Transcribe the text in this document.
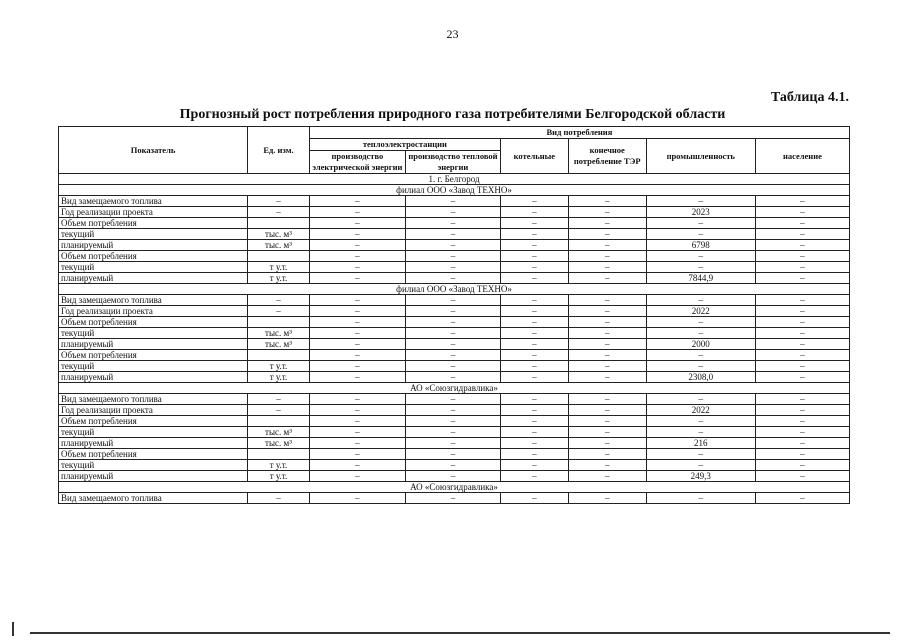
23
Таблица 4.1.
Прогнозный рост потребления природного газа потребителями Белгородской области
Показатель	Ед. изм.	Вид потребления					
		теплоэлектростанции		котельные	конечное потребление ТЭР	промышленность	население
		производство электрической энергии	производство тепловой энергии				
1. г. Белгород							
филиал ООО «Завод ТЕХНО»							
Вид замещаемого топлива	–	–	–	–	–	–	–
Год реализации проекта	–	–	–	–	–	2023	–
Объем потребления		–	–	–	–	–	–
текущий	тыс. м³	–	–	–	–	–	–
планируемый	тыс. м³	–	–	–	–	6798	–
Объем потребления		–	–	–	–	–	–
текущий	т у.т.	–	–	–	–	–	–
планируемый	т у.т.	–	–	–	–	7844,9	–
филиал ООО «Завод ТЕХНО»							
Вид замещаемого топлива	–	–	–	–	–	–	–
Год реализации проекта	–	–	–	–	–	2022	–
Объем потребления		–	–	–	–	–	–
текущий	тыс. м³	–	–	–	–	–	–
планируемый	тыс. м³	–	–	–	–	2000	–
Объем потребления		–	–	–	–	–	–
текущий	т у.т.	–	–	–	–	–	–
планируемый	т у.т.	–	–	–	–	2308,0	–
АО «Союзгидравлика»							
Вид замещаемого топлива	–	–	–	–	–	–	–
Год реализации проекта	–	–	–	–	–	2022	–
Объем потребления		–	–	–	–	–	–
текущий	тыс. м³	–	–	–	–	–	–
планируемый	тыс. м³	–	–	–	–	216	–
Объем потребления		–	–	–	–	–	–
текущий	т у.т.	–	–	–	–	–	–
планируемый	т у.т.	–	–	–	–	249,3	–
АО «Союзгидравлика»							
Вид замещаемого топлива	–	–	–	–	–	–	–
